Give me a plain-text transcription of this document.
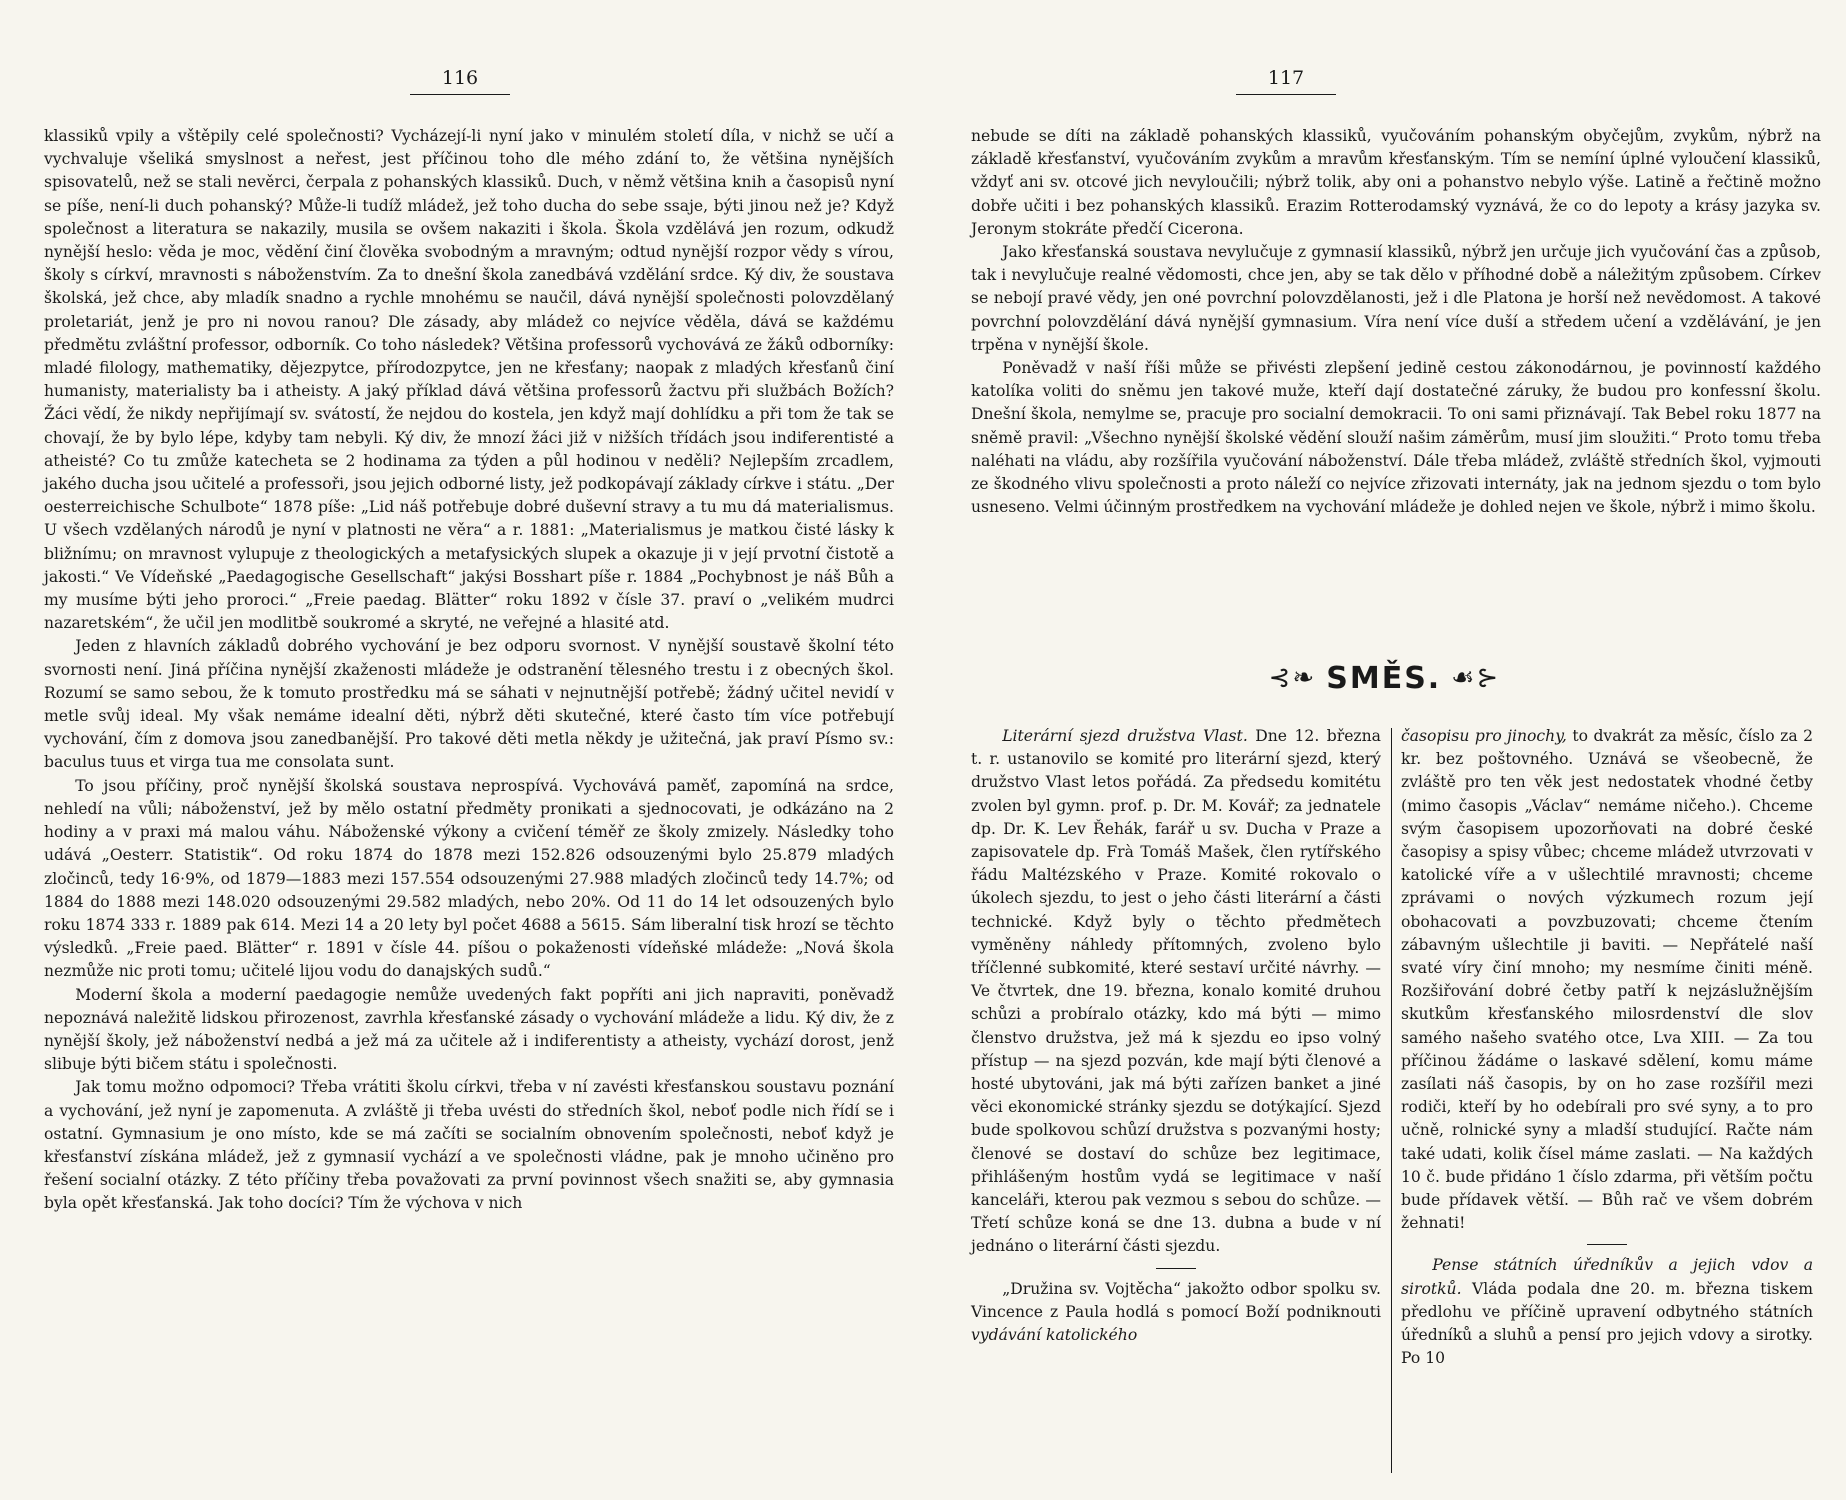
116

klassiků vpily a vštěpily celé společnosti? Vycházejí-li nyní jako v minulém století díla, v nichž se učí a vychvaluje všeliká smyslnost a neřest, jest příčinou toho dle mého zdání to, že většina nynějších spisovatelů, než se stali nevěrci, čerpala z pohanských klassiků. Duch, v němž většina knih a časopisů nyní se píše, není-li duch pohanský? Může-li tudíž mládež, jež toho ducha do sebe ssaje, býti jinou než je? Když společnost a literatura se nakazily, musila se ovšem nakaziti i škola. Škola vzdělává jen rozum, odkudž nynější heslo: věda je moc, vědění činí člověka svobodným a mravným; odtud nynější rozpor vědy s vírou, školy s církví, mravnosti s náboženstvím. Za to dnešní škola zanedbává vzdělání srdce. Ký div, že soustava školská, jež chce, aby mladík snadno a rychle mnohému se naučil, dává nynější společnosti polovzdělaný proletariát, jenž je pro ni novou ranou? Dle zásady, aby mládež co nejvíce věděla, dává se každému předmětu zvláštní professor, odborník. Co toho následek? Většina professorů vychovává ze žáků odborníky: mladé filology, mathematiky, dějezpytce, přírodozpytce, jen ne křesťany; naopak z mladých křesťanů činí humanisty, materialisty ba i atheisty. A jaký příklad dává většina professorů žactvu při službách Božích? Žáci vědí, že nikdy nepřijímají sv. svátostí, že nejdou do kostela, jen když mají dohlídku a při tom že tak se chovají, že by bylo lépe, kdyby tam nebyli. Ký div, že mnozí žáci již v nižších třídách jsou indiferentisté a atheisté? Co tu zmůže katecheta se 2 hodinama za týden a půl hodinou v neděli? Nejlepším zrcadlem, jakého ducha jsou učitelé a professoři, jsou jejich odborné listy, jež podkopávají základy církve i státu. „Der oesterreichische Schulbote“ 1878 píše: „Lid náš potřebuje dobré duševní stravy a tu mu dá materialismus. U všech vzdělaných národů je nyní v platnosti ne věra“ a r. 1881: „Materialismus je matkou čisté lásky k bližnímu; on mravnost vylupuje z theologických a metafysických slupek a okazuje ji v její prvotní čistotě a jakosti.“ Ve Vídeňské „Paedagogische Gesellschaft“ jakýsi Bosshart píše r. 1884 „Pochybnost je náš Bůh a my musíme býti jeho proroci.“ „Freie paedag. Blätter“ roku 1892 v čísle 37. praví o „velikém mudrci nazaretském“, že učil jen modlitbě soukromé a skryté, ne veřejné a hlasité atd.

Jeden z hlavních základů dobrého vychování je bez odporu svornost. V nynější soustavě školní této svornosti není. Jiná příčina nynější zkaženosti mládeže je odstranění tělesného trestu i z obecných škol. Rozumí se samo sebou, že k tomuto prostředku má se sáhati v nejnutnější potřebě; žádný učitel nevidí v metle svůj ideal. My však nemáme idealní děti, nýbrž děti skutečné, které často tím více potřebují vychování, čím z domova jsou zanedbanější. Pro takové děti metla někdy je užitečná, jak praví Písmo sv.: baculus tuus et virga tua me consolata sunt.

To jsou příčiny, proč nynější školská soustava neprospívá. Vychovává paměť, zapomíná na srdce, nehledí na vůli; náboženství, jež by mělo ostatní předměty pronikati a sjednocovati, je odkázáno na 2 hodiny a v praxi má malou váhu. Náboženské výkony a cvičení téměř ze školy zmizely. Následky toho udává „Oesterr. Statistik“. Od roku 1874 do 1878 mezi 152.826 odsouzenými bylo 25.879 mladých zločinců, tedy 16·9%, od 1879—1883 mezi 157.554 odsouzenými 27.988 mladých zločinců tedy 14.7%; od 1884 do 1888 mezi 148.020 odsouzenými 29.582 mladých, nebo 20%. Od 11 do 14 let odsouzených bylo roku 1874 333 r. 1889 pak 614. Mezi 14 a 20 lety byl počet 4688 a 5615. Sám liberalní tisk hrozí se těchto výsledků. „Freie paed. Blätter“ r. 1891 v čísle 44. píšou o pokaženosti vídeňské mládeže: „Nová škola nezmůže nic proti tomu; učitelé lijou vodu do danajských sudů.“

Moderní škola a moderní paedagogie nemůže uvedených fakt popříti ani jich napraviti, poněvadž nepoznává naležitě lidskou přirozenost, zavrhla křesťanské zásady o vychování mládeže a lidu. Ký div, že z nynější školy, jež náboženství nedbá a jež má za učitele až i indiferentisty a atheisty, vychází dorost, jenž slibuje býti bičem státu i společnosti.

Jak tomu možno odpomoci? Třeba vrátiti školu církvi, třeba v ní zavésti křesťanskou soustavu poznání a vychování, jež nyní je zapomenuta. A zvláště ji třeba uvésti do středních škol, neboť podle nich řídí se i ostatní. Gymnasium je ono místo, kde se má začíti se socialním obnovením společnosti, neboť když je křesťanství získána mládež, jež z gymnasií vychází a ve společnosti vládne, pak je mnoho učiněno pro řešení socialní otázky. Z této příčiny třeba považovati za první povinnost všech snažiti se, aby gymnasia byla opět křesťanská. Jak toho docíci? Tím že výchova v nich

117

nebude se díti na základě pohanských klassiků, vyučováním pohanským obyčejům, zvykům, nýbrž na základě křesťanství, vyučováním zvykům a mravům křesťanským. Tím se nemíní úplné vyloučení klassiků, vždyť ani sv. otcové jich nevyloučili; nýbrž tolik, aby oni a pohanstvo nebylo výše. Latině a řečtině možno dobře učiti i bez pohanských klassiků. Erazim Rotterodamský vyznává, že co do lepoty a krásy jazyka sv. Jeronym stokráte předčí Cicerona.

Jako křesťanská soustava nevylučuje z gymnasií klassiků, nýbrž jen určuje jich vyučování čas a způsob, tak i nevylučuje realné vědomosti, chce jen, aby se tak dělo v příhodné době a náležitým způsobem. Církev se nebojí pravé vědy, jen oné povrchní polovzdělanosti, jež i dle Platona je horší než nevědomost. A takové povrchní polovzdělání dává nynější gymnasium. Víra není více duší a středem učení a vzdělávání, je jen trpěna v nynější škole.

Poněvadž v naší říši může se přivésti zlepšení jedině cestou zákonodárnou, je povinností každého katolíka voliti do sněmu jen takové muže, kteří dají dostatečné záruky, že budou pro konfessní školu. Dnešní škola, nemylme se, pracuje pro socialní demokracii. To oni sami přiznávají. Tak Bebel roku 1877 na sněmě pravil: „Všechno nynější školské vědění slouží našim záměrům, musí jim sloužiti.“ Proto tomu třeba naléhati na vládu, aby rozšířila vyučování náboženství. Dále třeba mládež, zvláště středních škol, vyjmouti ze škodného vlivu společnosti a proto náleží co nejvíce zřizovati internáty, jak na jednom sjezdu o tom bylo usneseno. Velmi účinným prostředkem na vychování mládeže je dohled nejen ve škole, nýbrž i mimo školu.

⊰❧ SMĚS. ☙⊱

Literární sjezd družstva Vlast. Dne 12. března t. r. ustanovilo se komité pro literární sjezd, který družstvo Vlast letos pořádá. Za předsedu komitétu zvolen byl gymn. prof. p. Dr. M. Kovář; za jednatele dp. Dr. K. Lev Řehák, farář u sv. Ducha v Praze a zapisovatele dp. Frà Tomáš Mašek, člen rytířského řádu Maltézského v Praze. Komité rokovalo o úkolech sjezdu, to jest o jeho části literární a části technické. Když byly o těchto předmětech vyměněny náhledy přítomných, zvoleno bylo tříčlenné subkomité, které sestaví určité návrhy. — Ve čtvrtek, dne 19. března, konalo komité druhou schůzi a probíralo otázky, kdo má býti — mimo členstvo družstva, jež má k sjezdu eo ipso volný přístup — na sjezd pozván, kde mají býti členové a hosté ubytováni, jak má býti zařízen banket a jiné věci ekonomické stránky sjezdu se dotýkající. Sjezd bude spolkovou schůzí družstva s pozvanými hosty; členové se dostaví do schůze bez legitimace, přihlášeným hostům vydá se legitimace v naší kanceláři, kterou pak vezmou s sebou do schůze. — Třetí schůze koná se dne 13. dubna a bude v ní jednáno o literární části sjezdu.

„Družina sv. Vojtěcha“ jakožto odbor spolku sv. Vincence z Paula hodlá s pomocí Boží podniknouti vydávání katolického

časopisu pro jinochy, to dvakrát za měsíc, číslo za 2 kr. bez poštovného. Uznává se všeobecně, že zvláště pro ten věk jest nedostatek vhodné četby (mimo časopis „Václav“ nemáme ničeho.). Chceme svým časopisem upozorňovati na dobré české časopisy a spisy vůbec; chceme mládež utvrzovati v katolické víře a v ušlechtilé mravnosti; chceme zprávami o nových výzkumech rozum její obohacovati a povzbuzovati; chceme čtením zábavným ušlechtile ji baviti. — Nepřátelé naší svaté víry činí mnoho; my nesmíme činiti méně. Rozšiřování dobré četby patří k nejzáslužnějším skutkům křesťanského milosrdenství dle slov samého našeho svatého otce, Lva XIII. — Za tou příčinou žádáme o laskavé sdělení, komu máme zasílati náš časopis, by on ho zase rozšířil mezi rodiči, kteří by ho odebírali pro své syny, a to pro učně, rolnické syny a mladší studující. Račte nám také udati, kolik čísel máme zaslati. — Na každých 10 č. bude přidáno 1 číslo zdarma, při větším počtu bude přídavek větší. — Bůh rač ve všem dobrém žehnati!

Pense státních úředníkův a jejich vdov a sirotků. Vláda podala dne 20. m. března tiskem předlohu ve příčině upravení odbytného státních úředníků a sluhů a pensí pro jejich vdovy a sirotky. Po 10
